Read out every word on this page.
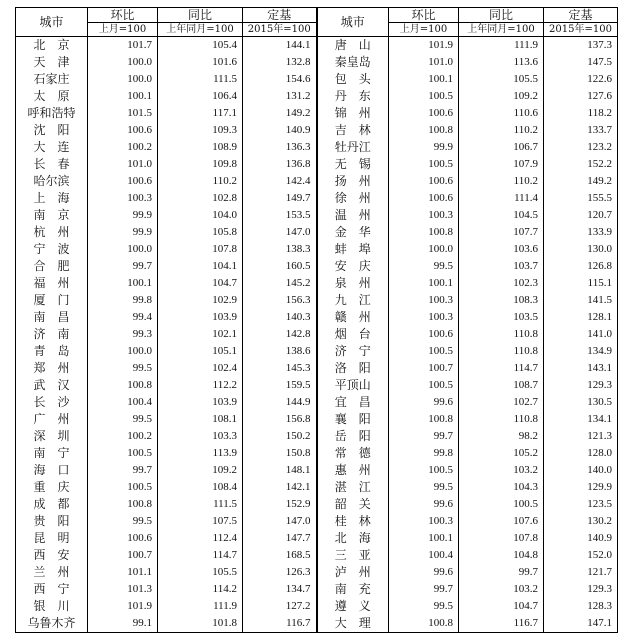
城市	环比	同比	定基	城市	环比	同比	定基
	上月=100	上年同月=100	2015年=100		上月=100	上年同月=100	2015年=100
北　京	101.7	105.4	144.1	唐　山	101.9	111.9	137.3
天　津	100.0	101.6	132.8	秦皇岛	101.0	113.6	147.5
石家庄	100.0	111.5	154.6	包　头	100.1	105.5	122.6
太　原	100.1	106.4	131.2	丹　东	100.5	109.2	127.6
呼和浩特	101.5	117.1	149.2	锦　州	100.6	110.6	118.2
沈　阳	100.6	109.3	140.9	吉　林	100.8	110.2	133.7
大　连	100.2	108.9	136.3	牡丹江	99.9	106.7	123.2
长　春	101.0	109.8	136.8	无　锡	100.5	107.9	152.2
哈尔滨	100.6	110.2	142.4	扬　州	100.6	110.2	149.2
上　海	100.3	102.8	149.7	徐　州	100.6	111.4	155.5
南　京	99.9	104.0	153.5	温　州	100.3	104.5	120.7
杭　州	99.9	105.8	147.0	金　华	100.8	107.7	133.9
宁　波	100.0	107.8	138.3	蚌　埠	100.0	103.6	130.0
合　肥	99.7	104.1	160.5	安　庆	99.5	103.7	126.8
福　州	100.1	104.7	145.2	泉　州	100.1	102.3	115.1
厦　门	99.8	102.9	156.3	九　江	100.3	108.3	141.5
南　昌	99.4	103.9	140.3	赣　州	100.3	103.5	128.1
济　南	99.3	102.1	142.8	烟　台	100.6	110.8	141.0
青　岛	100.0	105.1	138.6	济　宁	100.5	110.8	134.9
郑　州	99.5	102.4	145.3	洛　阳	100.7	114.7	143.1
武　汉	100.8	112.2	159.5	平顶山	100.5	108.7	129.3
长　沙	100.4	103.9	144.9	宜　昌	99.6	102.7	130.5
广　州	99.5	108.1	156.8	襄　阳	100.8	110.8	134.1
深　圳	100.2	103.3	150.2	岳　阳	99.7	98.2	121.3
南　宁	100.5	113.9	150.8	常　德	99.8	105.2	128.0
海　口	99.7	109.2	148.1	惠　州	100.5	103.2	140.0
重　庆	100.5	108.4	142.1	湛　江	99.5	104.3	129.9
成　都	100.8	111.5	152.9	韶　关	99.6	100.5	123.5
贵　阳	99.5	107.5	147.0	桂　林	100.3	107.6	130.2
昆　明	100.6	112.4	147.7	北　海	100.1	107.8	140.9
西　安	100.7	114.7	168.5	三　亚	100.4	104.8	152.0
兰　州	101.1	105.5	126.3	泸　州	99.6	99.7	121.7
西　宁	101.3	114.2	134.7	南　充	99.7	103.2	129.3
银　川	101.9	111.9	127.2	遵　义	99.5	104.7	128.3
乌鲁木齐	99.1	101.8	116.7	大　理	100.8	116.7	147.1
